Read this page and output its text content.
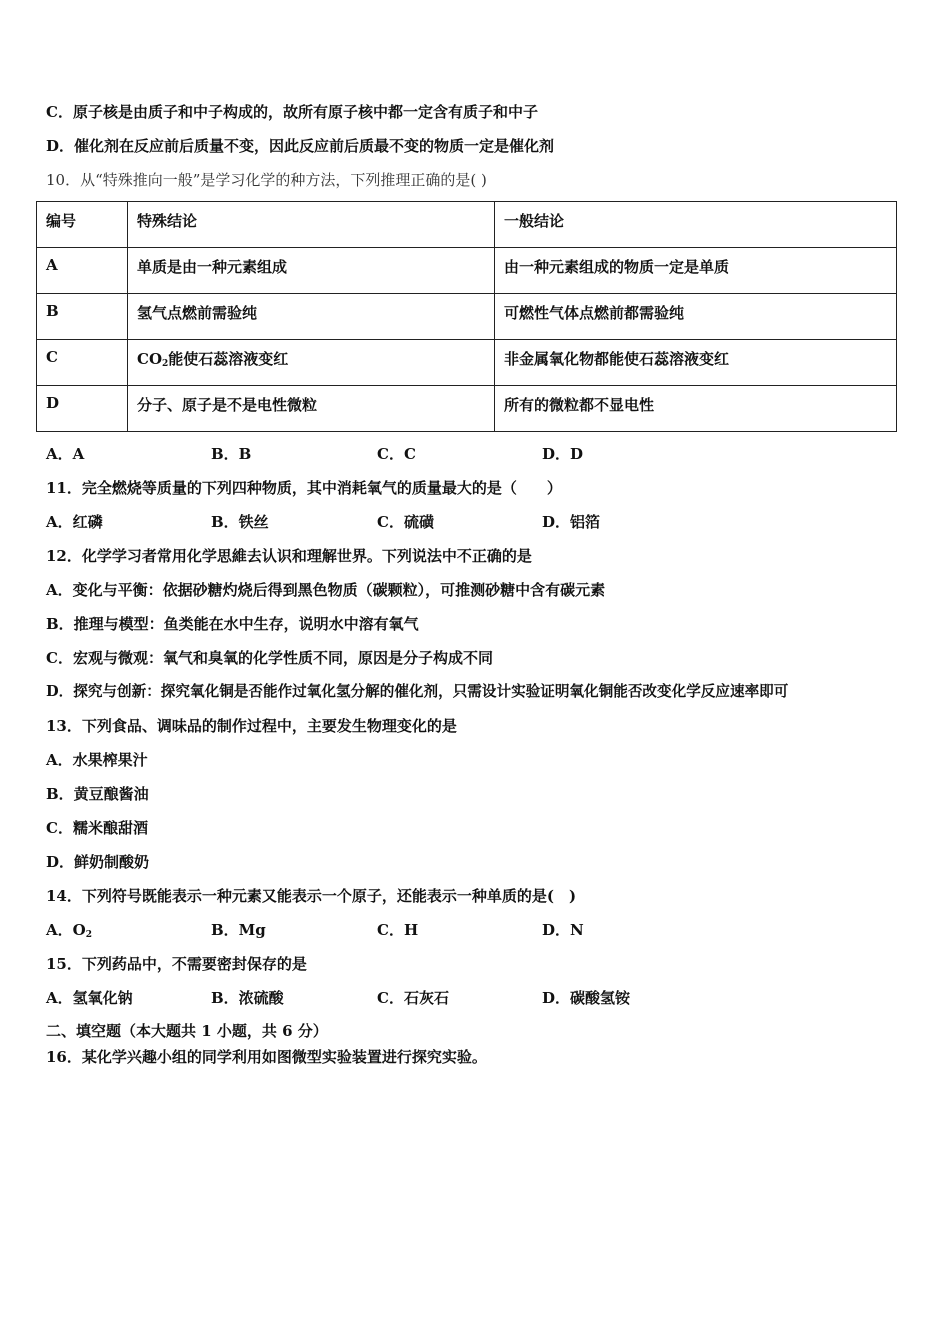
C．原子核是由质子和中子构成的，故所有原子核中都一定含有质子和中子
D．催化剂在反应前后质量不变，因此反应前后质最不变的物质一定是催化剂
10．从“特殊推向一般”是学习化学的种方法，下列推理正确的是( )
编号	特殊结论	一般结论
A	单质是由一种元素组成	由一种元素组成的物质一定是单质
B	氢气点燃前需验纯	可燃性气体点燃前都需验纯
C	$CO_2$能使石蕊溶液变红	非金属氧化物都能使石蕊溶液变红
D	分子、原子是不是电性微粒	所有的微粒都不显电性
A．A	B．B	C．C	D．D
11．完全燃烧等质量的下列四种物质，其中消耗氧气的质量最大的是（　　）
A．红磷	B．铁丝	C．硫磺	D．铝箔
12．化学学习者常用化学思維去认识和理解世界。下列说法中不正确的是
A．变化与平衡：依据砂糖灼烧后得到黑色物质（碳颗粒），可推测砂糖中含有碳元素
B．推理与模型：鱼类能在水中生存，说明水中溶有氧气
C．宏观与微观：氧气和臭氧的化学性质不同，原因是分子构成不同
D．探究与创新：探究氧化铜是否能作过氧化氢分解的催化剂，只需设计实验证明氧化铜能否改变化学反应速率即可
13．下列食品、调味品的制作过程中，主要发生物理变化的是
A．水果榨果汁
B．黄豆酿酱油
C．糯米酿甜酒
D．鲜奶制酸奶
14．下列符号既能表示一种元素又能表示一个原子，还能表示一种单质的是(　)
A．$O_2$	B．Mg	C．H	D．N
15．下列药品中，不需要密封保存的是
A．氢氧化钠	B．浓硫酸	C．石灰石	D．碳酸氢铵
二、填空题（本大题共 1 小题，共 6 分）
16．某化学兴趣小组的同学利用如图微型实验装置进行探究实验。
